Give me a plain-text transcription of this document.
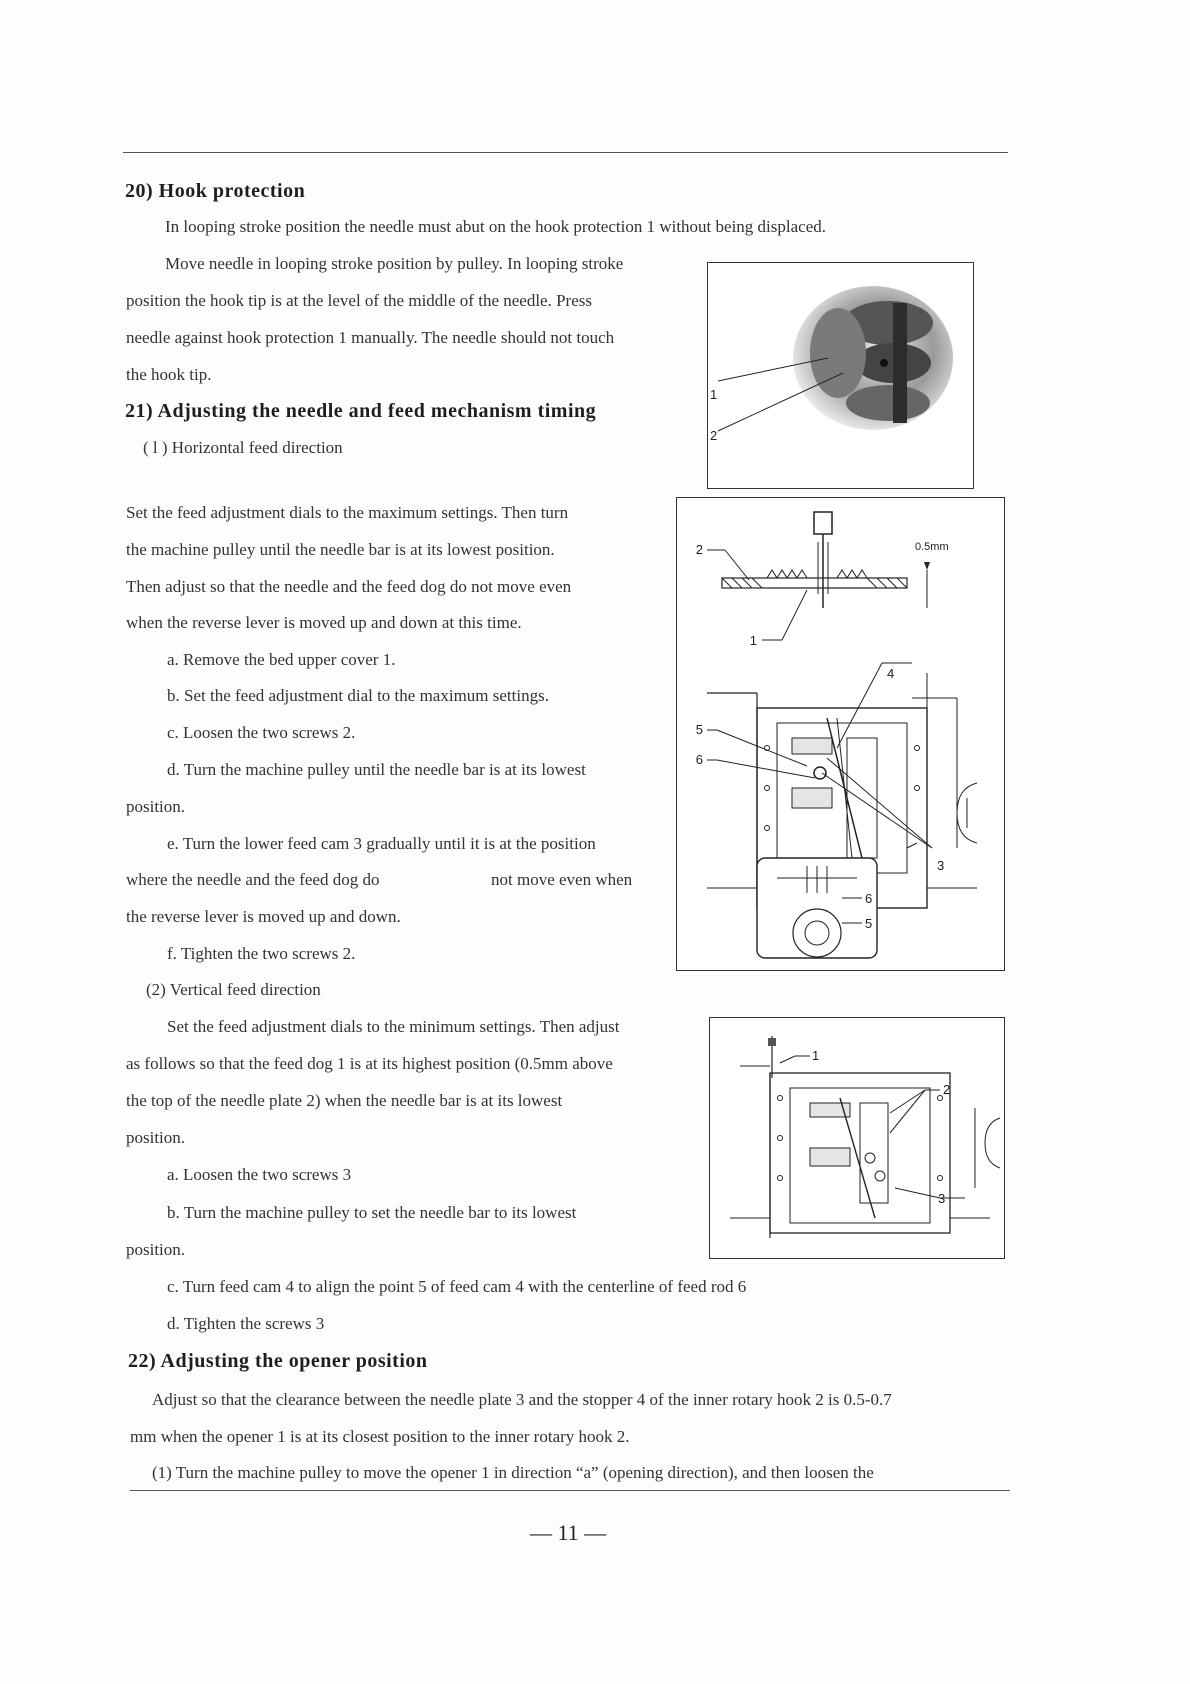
20) Hook protection
In looping stroke position the needle must abut on the hook protection 1 without being displaced.
Move needle in looping stroke position by pulley. In looping stroke
position the hook tip is at the level of the middle of the needle. Press
needle against hook protection 1 manually. The needle should not touch
the hook tip.
1
2
21) Adjusting the needle and feed mechanism timing
( l ) Horizontal feed direction
Set the feed adjustment dials to the maximum settings. Then turn
the machine pulley until the needle bar is at its lowest position.
Then adjust so that the needle and the feed dog do not move even
when the reverse lever is moved up and down at this time.
a. Remove the bed upper cover 1.
b. Set the feed adjustment dial to the maximum settings.
c. Loosen the two screws 2.
d. Turn the machine pulley until the needle bar is at its lowest
position.
e. Turn the lower feed cam 3 gradually until it is at the position
where the needle and the feed dog do	not move even when
the reverse lever is moved up and down.
f. Tighten the two screws 2.
2
1
0.5mm
4
5
6
3
6
5
(2) Vertical feed direction
Set the feed adjustment dials to the minimum settings. Then adjust
as follows so that the feed dog 1 is at its highest position (0.5mm above
the top of the needle plate 2) when the needle bar is at its lowest
position.
a. Loosen the two screws 3
b. Turn the machine pulley to set the needle bar to its lowest
position.
c. Turn feed cam 4 to align the point 5 of feed cam 4 with the centerline of feed rod 6
d. Tighten the screws 3
1
2
3
22) Adjusting the opener position
Adjust so that the clearance between the needle plate 3 and the stopper 4 of the inner rotary hook 2 is 0.5-0.7
mm when the opener 1 is at its closest position to the inner rotary hook 2.
(1) Turn the machine pulley to move the opener 1 in direction “a” (opening direction), and then loosen the
— 11 —
